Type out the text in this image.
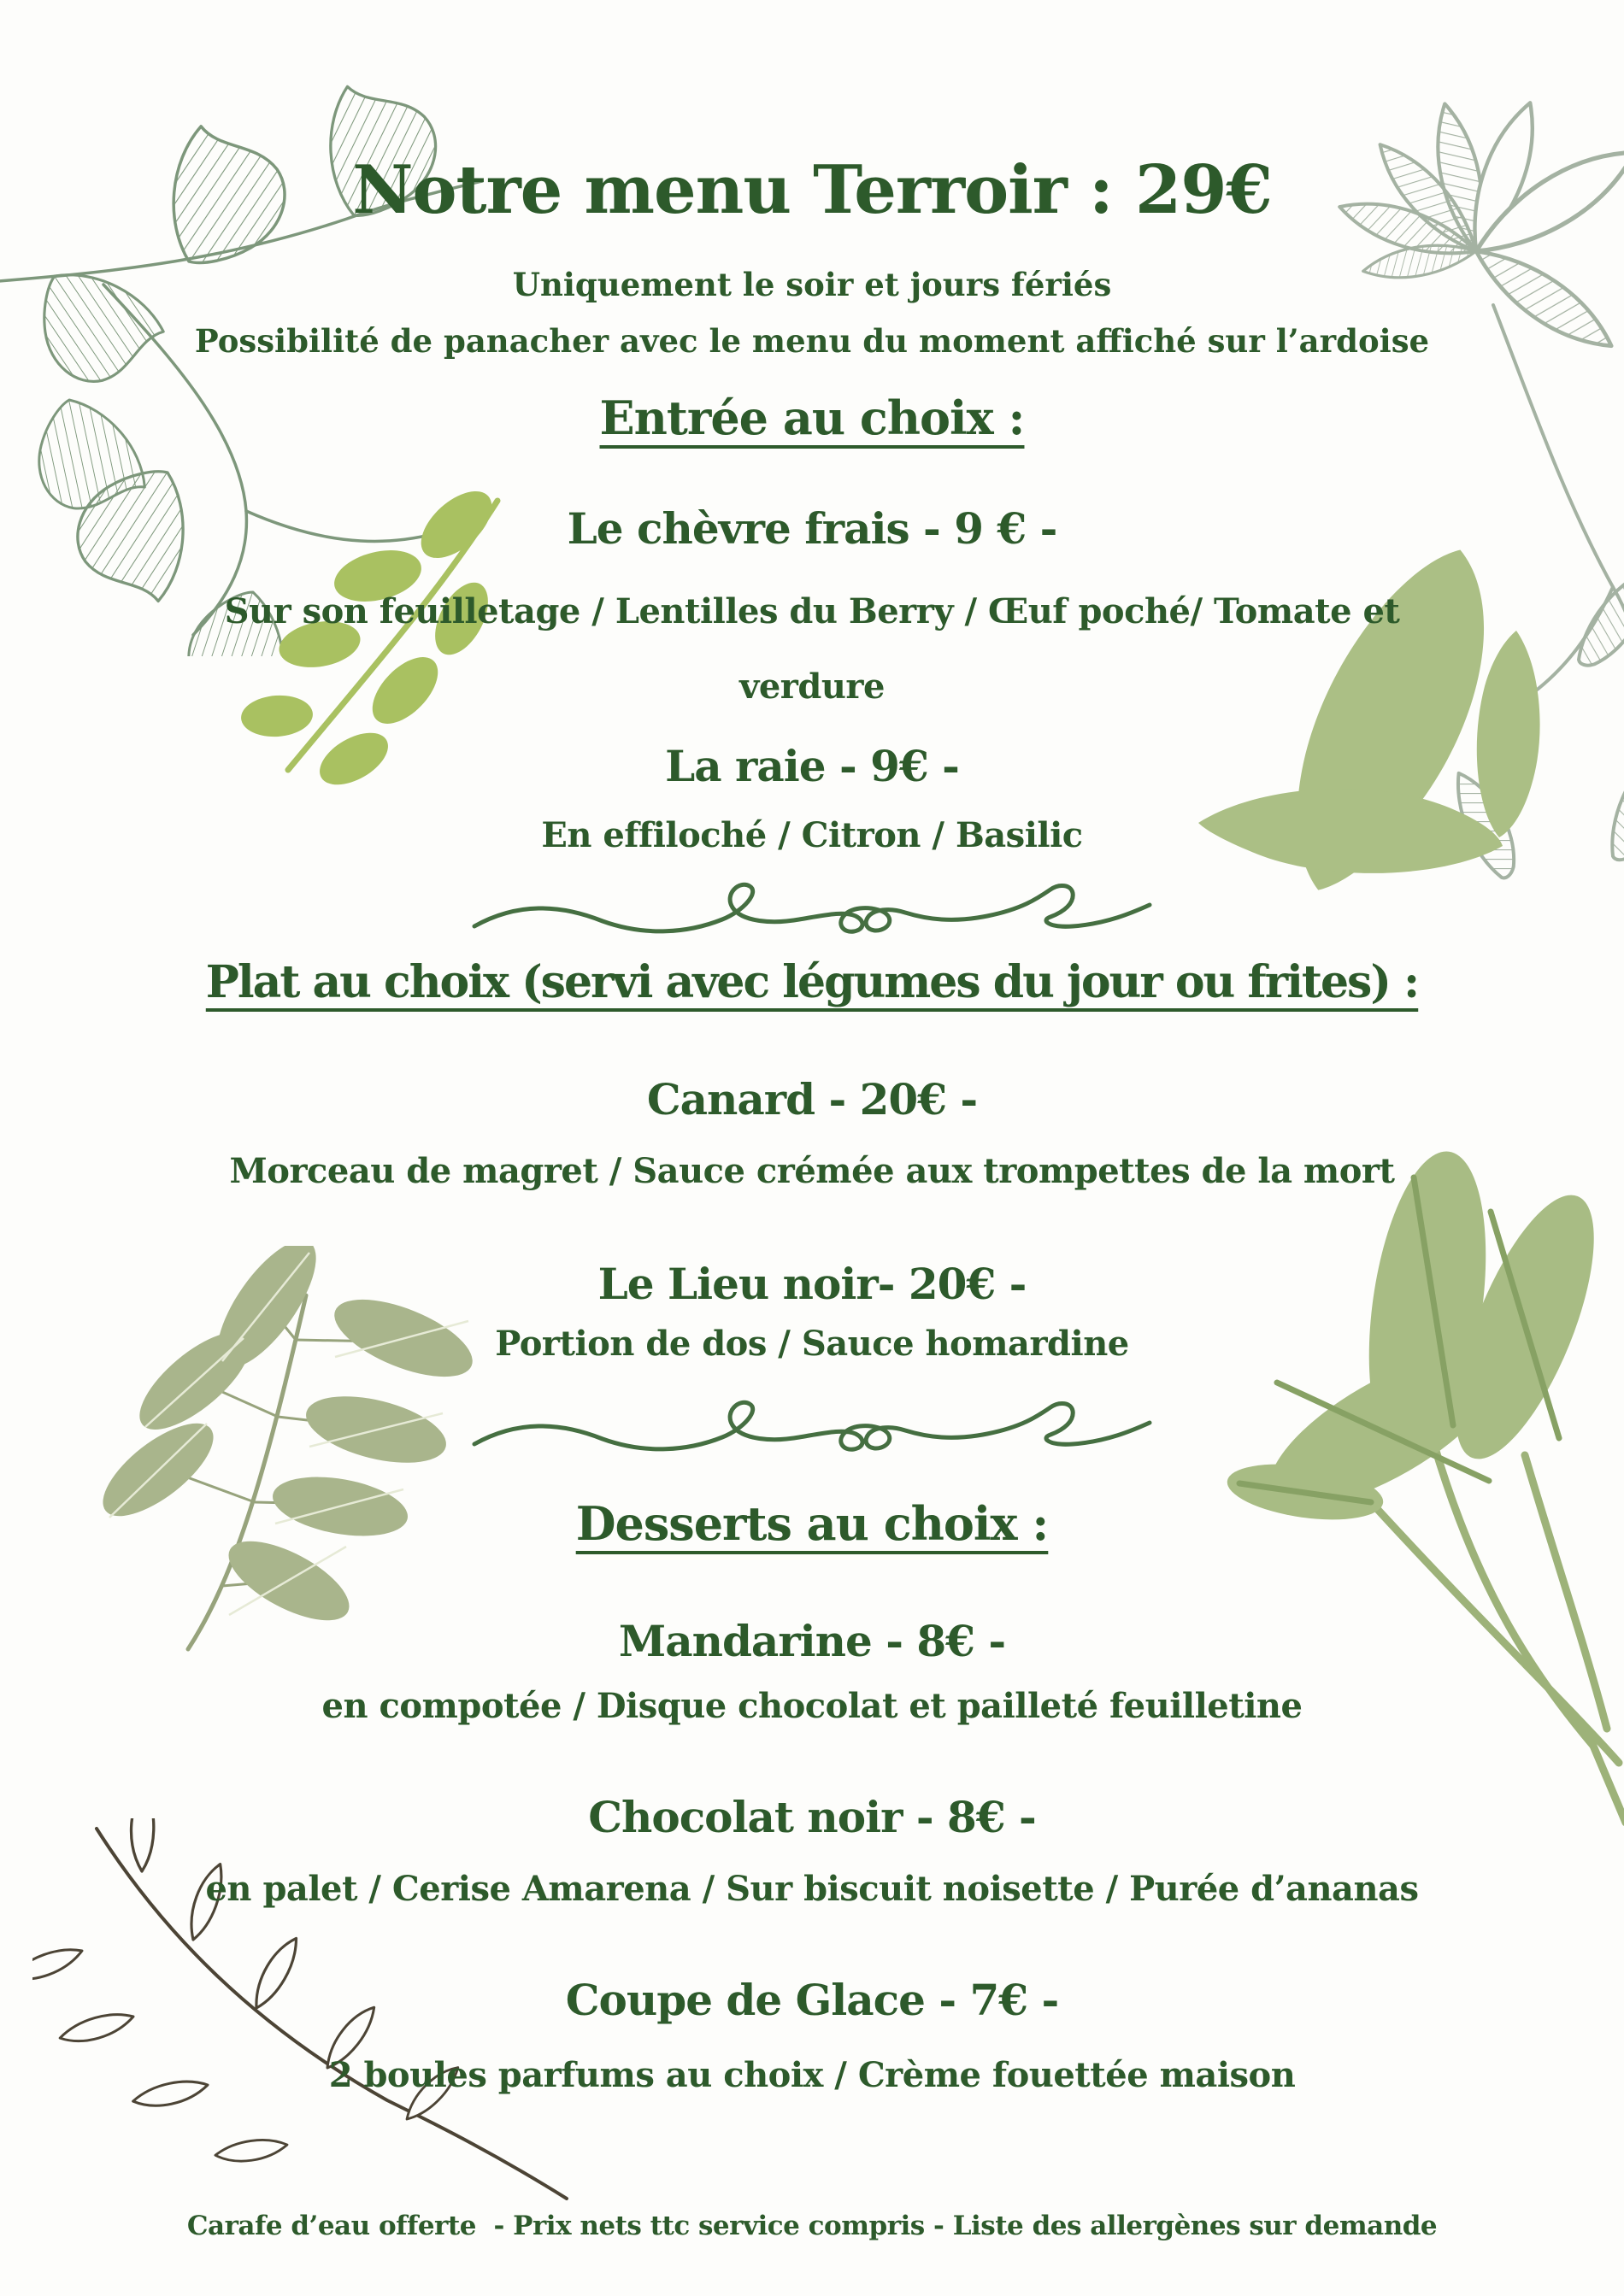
Notre menu Terroir : 29€

Uniquement le soir et jours fériés

Possibilité de panacher avec le menu du moment affiché sur l’ardoise

Entrée au choix :

Le chèvre frais - 9 € -

Sur son feuilletage / Lentilles du Berry / Œuf poché/ Tomate et verdure

La raie - 9€ -

En effiloché / Citron / Basilic

Plat au choix (servi avec légumes du jour ou frites) :

Canard - 20€ -

Morceau de magret / Sauce crémée aux trompettes de la mort

Le Lieu noir- 20€ -

Portion de dos / Sauce homardine

Desserts au choix :

Mandarine - 8€ -

en compotée / Disque chocolat et pailleté feuilletine

Chocolat noir - 8€ -

en palet / Cerise Amarena / Sur biscuit noisette / Purée d’ananas

Coupe de Glace - 7€ -

2 boules parfums au choix / Crème fouettée maison

Carafe d’eau offerte  - Prix nets ttc service compris - Liste des allergènes sur demande
